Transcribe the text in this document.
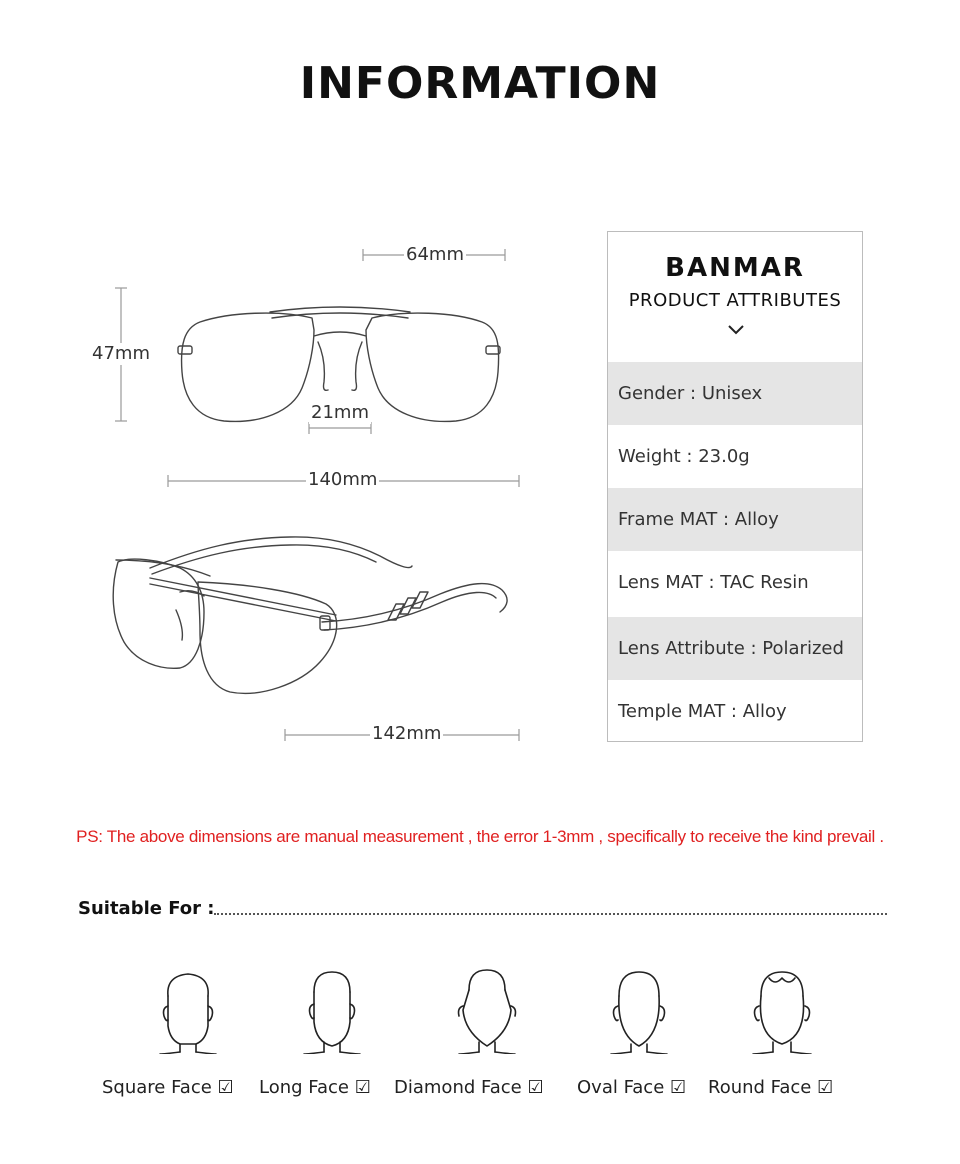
INFORMATION
64mm
47mm
21mm
140mm
142mm
BANMAR
PRODUCT ATTRIBUTES
Gender : Unisex
Weight : 23.0g
Frame MAT : Alloy
Lens MAT : TAC Resin
Lens Attribute : Polarized
Temple MAT : Alloy
PS: The above dimensions are manual measurement , the error 1-3mm , specifically to receive the kind prevail .
Suitable For :
Square Face ☑ Long Face ☑ Diamond Face ☑ Oval Face ☑ Round Face ☑
